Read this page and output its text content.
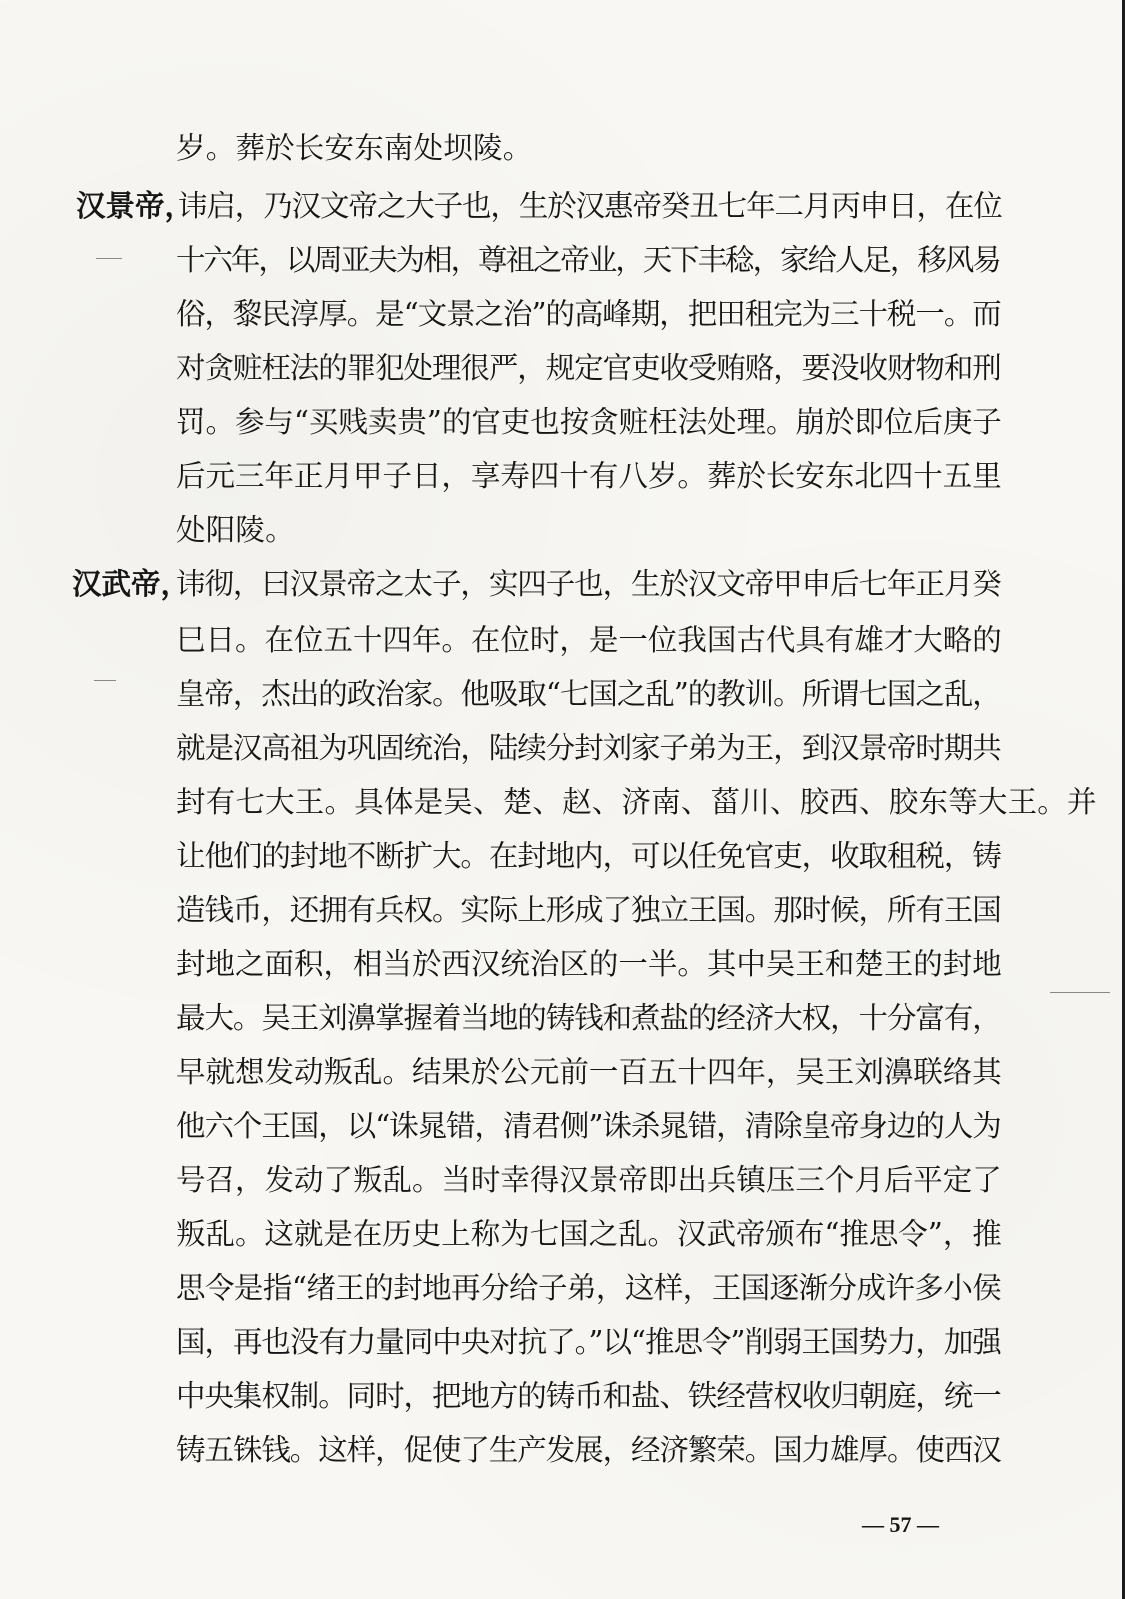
岁。葬於长安东南处坝陵。
汉景帝，
讳启，乃汉文帝之大子也，生於汉惠帝癸丑七年二月丙申日，在位
十六年，以周亚夫为相，尊祖之帝业，天下丰稔，家给人足，移风易
俗，黎民淳厚。是“文景之治”的高峰期，把田租完为三十税一。而
对贪赃枉法的罪犯处理很严，规定官吏收受贿赂，要没收财物和刑
罚。参与“买贱卖贵”的官吏也按贪赃枉法处理。崩於即位后庚子
后元三年正月甲子日，享寿四十有八岁。葬於长安东北四十五里
处阳陵。
汉武帝，
讳彻，曰汉景帝之太子，实四子也，生於汉文帝甲申后七年正月癸
巳日。在位五十四年。在位时，是一位我国古代具有雄才大略的
皇帝，杰出的政治家。他吸取“七国之乱”的教训。所谓七国之乱，
就是汉高祖为巩固统治，陆续分封刘家子弟为王，到汉景帝时期共
封有七大王。具体是吴、楚、赵、济南、菑川、胶西、胶东等大王。并
让他们的封地不断扩大。在封地内，可以任免官吏，收取租税，铸
造钱币，还拥有兵权。实际上形成了独立王国。那时候，所有王国
封地之面积，相当於西汉统治区的一半。其中吴王和楚王的封地
最大。吴王刘濞掌握着当地的铸钱和煮盐的经济大权，十分富有，
早就想发动叛乱。结果於公元前一百五十四年，吴王刘濞联络其
他六个王国，以“诛晁错，清君侧”诛杀晁错，清除皇帝身边的人为
号召，发动了叛乱。当时幸得汉景帝即出兵镇压三个月后平定了
叛乱。这就是在历史上称为七国之乱。汉武帝颁布“推思令”，推
思令是指“绪王的封地再分给子弟，这样，王国逐渐分成许多小侯
国，再也没有力量同中央对抗了。”以“推思令”削弱王国势力，加强
中央集权制。同时，把地方的铸币和盐、铁经营权收归朝庭，统一
铸五铢钱。这样，促使了生产发展，经济繁荣。国力雄厚。使西汉
— 57 —
